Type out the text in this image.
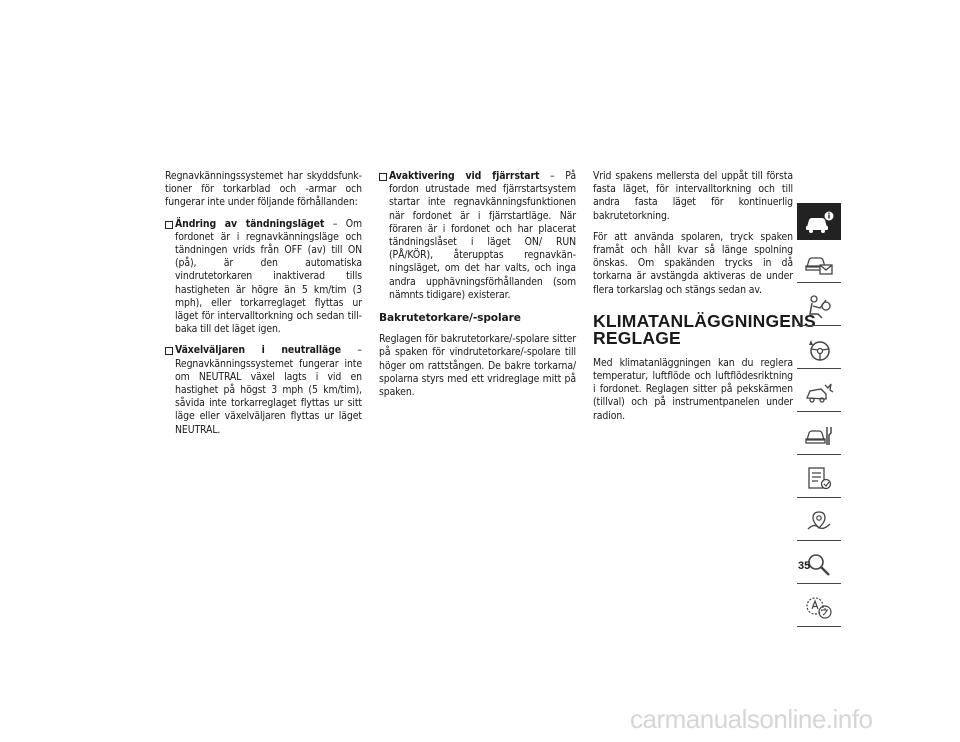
Regnavkänningssystemet har skyddsfunktioner för torkarblad och -armar och fungerar inte under följande förhållanden:

Ändring av tändningsläget – Om fordonet är i regnavkänningsläge och tändningen vrids från OFF (av) till ON (på), är den automatiska vindrutetorkaren inaktiverad tills hastigheten är högre än 5 km/tim (3 mph), eller torkarreglaget flyttas ur läget för intervalltorkning och sedan tillbaka till det läget igen.
Växelväljaren i neutralläge – Regnavkänningssystemet fungerar inte om NEUTRAL växel lagts i vid en hastighet på högst 3 mph (5 km/tim), såvida inte torkarreglaget flyttas ur sitt läge eller växelväljaren flyttas ur läget NEUTRAL.
Avaktivering vid fjärrstart – På fordon utrustade med fjärrstartsystem startar inte regnavkänningsfunktionen när fordonet är i fjärrstartläge. När föraren är i fordonet och har placerat tändningslåset i läget ON/ RUN (PÅ/KÖR), återupptas regnavkänningsläget, om det har valts, och inga andra upphävningsförhållanden (som nämnts tidigare) existerar.
Bakrutetorkare/-spolare

Reglagen för bakrutetorkare/-spolare sitter på spaken för vindrutetorkare/-spolare till höger om rattstången. De bakre torkarna/ spolarna styrs med ett vridreglage mitt på spaken.

Vrid spakens mellersta del uppåt till första fasta läget, för intervalltorkning och till andra fasta läget för kontinuerlig bakrutetorkning.

För att använda spolaren, tryck spaken framåt och håll kvar så länge spolning önskas. Om spakänden trycks in då torkarna är avstängda aktiveras de under flera torkarslag och stängs sedan av.

KLIMATANLÄGGNINGENS REGLAGE

Med klimatanläggningen kan du reglera temperatur, luftflöde och luftflödesriktning i fordonet. Reglagen sitter på pekskärmen (tillval) och på instrumentpanelen under radion.

35
carmanualsonline.info
